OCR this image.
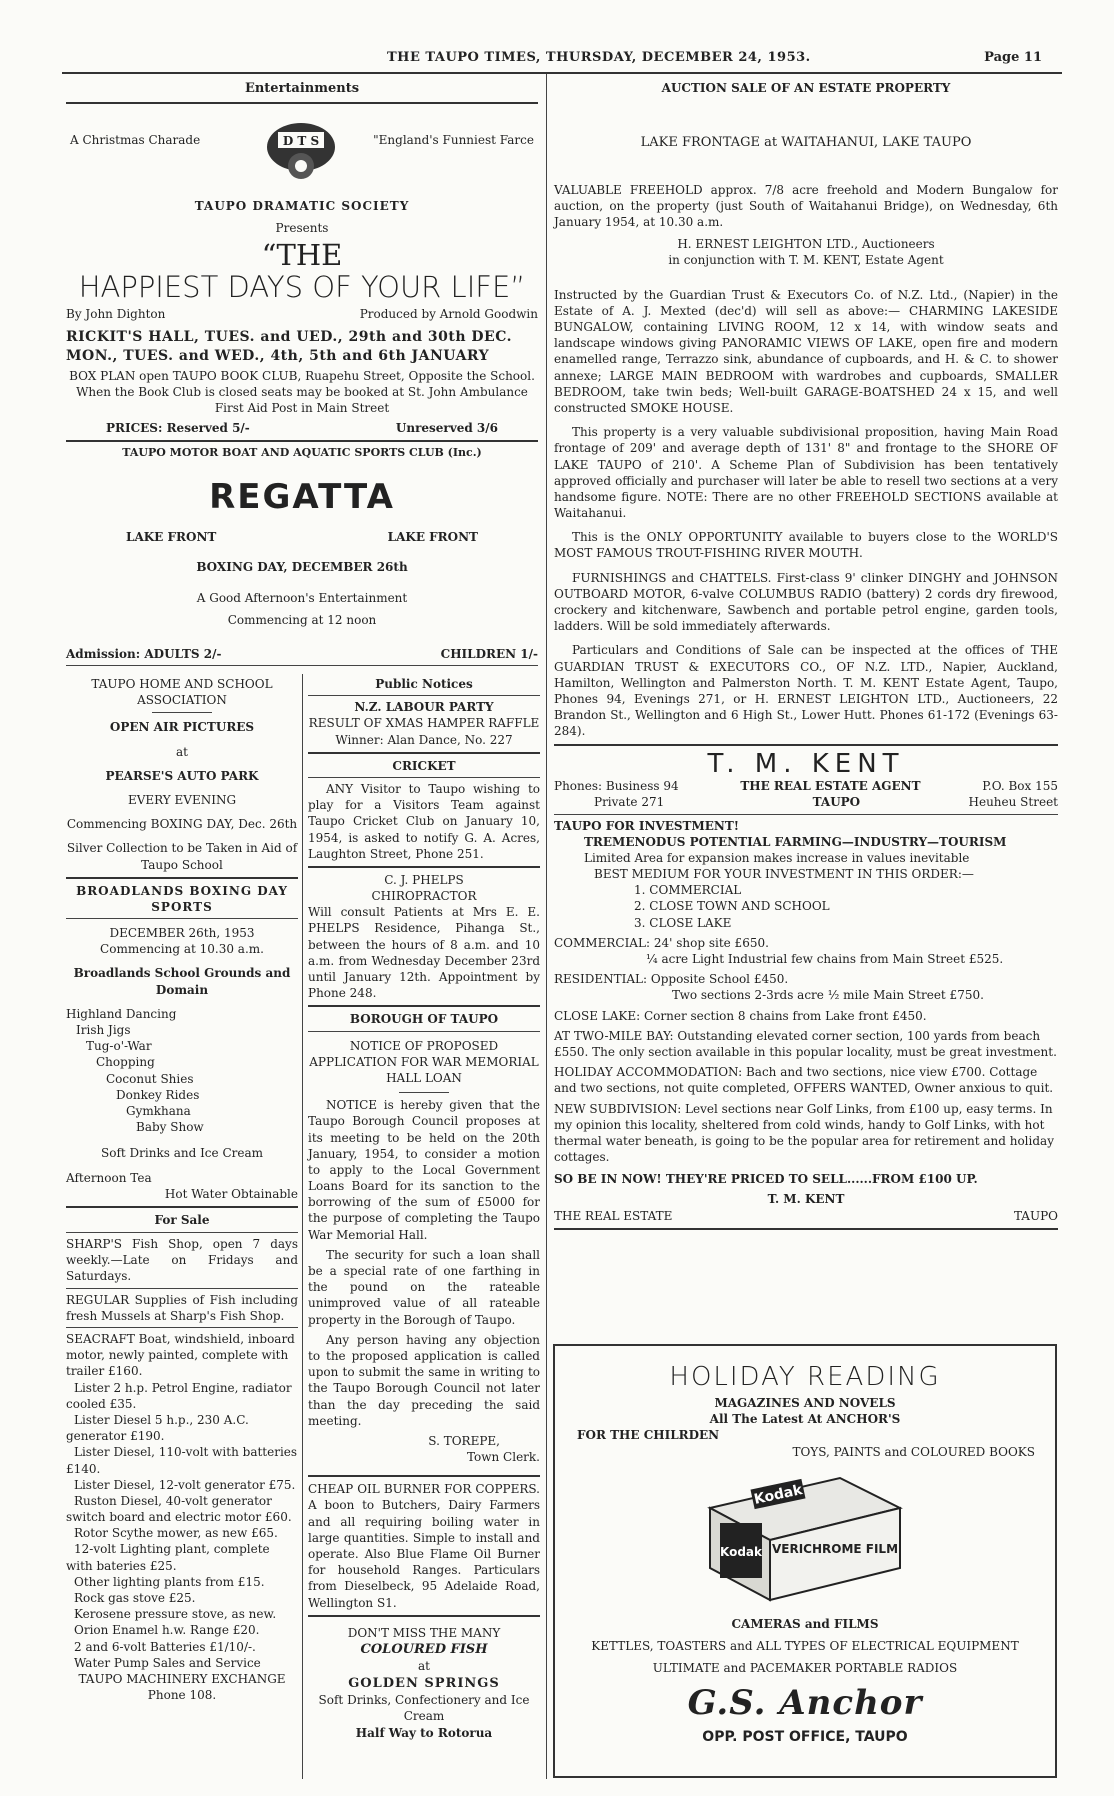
THE TAUPO TIMES, THURSDAY, DECEMBER 24, 1953.	Page 11
Entertainments
A Christmas Charade	"England's Funniest Farce
D T S
TAUPO DRAMATIC SOCIETY
Presents
“THE
HAPPIEST DAYS OF YOUR LIFE”
By John Dighton	Produced by Arnold Goodwin
RICKIT'S HALL, TUES. and UED., 29th and 30th DEC.
MON., TUES. and WED., 4th, 5th and 6th JANUARY
BOX PLAN open TAUPO BOOK CLUB, Ruapehu Street, Opposite the School. When the Book Club is closed seats may be booked at St. John Ambulance First Aid Post in Main Street
PRICES: Reserved 5/-	Unreserved 3/6
TAUPO MOTOR BOAT AND AQUATIC SPORTS CLUB (Inc.)
REGATTA
LAKE FRONT	LAKE FRONT
BOXING DAY, DECEMBER 26th
A Good Afternoon's Entertainment
Commencing at 12 noon
Admission: ADULTS 2/-	CHILDREN 1/-
TAUPO HOME AND SCHOOL ASSOCIATION
OPEN AIR PICTURES
at
PEARSE'S AUTO PARK
EVERY EVENING
Commencing BOXING DAY, Dec. 26th
Silver Collection to be Taken in Aid of Taupo School
BROADLANDS BOXING DAY SPORTS
DECEMBER 26th, 1953
Commencing at 10.30 a.m.
Broadlands School Grounds and Domain
Highland Dancing
Irish Jigs
Tug-o'-War
Chopping
Coconut Shies
Donkey Rides
Gymkhana
Baby Show
Soft Drinks and Ice Cream
Afternoon Tea
Hot Water Obtainable
For Sale
SHARP'S Fish Shop, open 7 days weekly.—Late on Fridays and Saturdays.
REGULAR Supplies of Fish including fresh Mussels at Sharp's Fish Shop.
SEACRAFT Boat, windshield, inboard motor, newly painted, complete with trailer £160.
Lister 2 h.p. Petrol Engine, radiator cooled £35.
Lister Diesel 5 h.p., 230 A.C. generator £190.
Lister Diesel, 110-volt with batteries £140.
Lister Diesel, 12-volt generator £75.
Ruston Diesel, 40-volt generator switch board and electric motor £60.
Rotor Scythe mower, as new £65.
12-volt Lighting plant, complete with bateries £25.
Other lighting plants from £15.
Rock gas stove £25.
Kerosene pressure stove, as new.
Orion Enamel h.w. Range £20.
2 and 6-volt Batteries £1/10/-.
Water Pump Sales and Service
TAUPO MACHINERY EXCHANGE
Phone 108.
Public Notices
N.Z. LABOUR PARTY
RESULT OF XMAS HAMPER RAFFLE
Winner: Alan Dance, No. 227
CRICKET

ANY Visitor to Taupo wishing to play for a Visitors Team against Taupo Cricket Club on January 10, 1954, is asked to notify G. A. Acres, Laughton Street, Phone 251.

C. J. PHELPS
CHIROPRACTOR
Will consult Patients at Mrs E. E. PHELPS Residence, Pihanga St., between the hours of 8 a.m. and 10 a.m. from Wednesday December 23rd until January 12th. Appointment by Phone 248.
BOROUGH OF TAUPO
NOTICE OF PROPOSED APPLICATION FOR WAR MEMORIAL HALL LOAN

NOTICE is hereby given that the Taupo Borough Council proposes at its meeting to be held on the 20th January, 1954, to consider a motion to apply to the Local Government Loans Board for its sanction to the borrowing of the sum of £5000 for the purpose of completing the Taupo War Memorial Hall.

The security for such a loan shall be a special rate of one farthing in the pound on the rateable unimproved value of all rateable property in the Borough of Taupo.

Any person having any objection to the proposed application is called upon to submit the same in writing to the Taupo Borough Council not later than the day preceding the said meeting.

S. TOREPE,
Town Clerk.
CHEAP OIL BURNER FOR COPPERS. A boon to Butchers, Dairy Farmers and all requiring boiling water in large quantities. Simple to install and operate. Also Blue Flame Oil Burner for household Ranges. Particulars from Dieselbeck, 95 Adelaide Road, Wellington S1.
DON'T MISS THE MANY
COLOURED FISH
at
GOLDEN SPRINGS
Soft Drinks, Confectionery and Ice Cream
Half Way to Rotorua
AUCTION SALE OF AN ESTATE PROPERTY
LAKE FRONTAGE at WAITAHANUI, LAKE TAUPO
VALUABLE FREEHOLD approx. 7/8 acre freehold and Modern Bungalow for auction, on the property (just South of Waitahanui Bridge), on Wednesday, 6th January 1954, at 10.30 a.m.
H. ERNEST LEIGHTON LTD., Auctioneers
in conjunction with T. M. KENT, Estate Agent
Instructed by the Guardian Trust & Executors Co. of N.Z. Ltd., (Napier) in the Estate of A. J. Mexted (dec'd) will sell as above:— CHARMING LAKESIDE BUNGALOW, containing LIVING ROOM, 12 x 14, with window seats and landscape windows giving PANORAMIC VIEWS OF LAKE, open fire and modern enamelled range, Terrazzo sink, abundance of cupboards, and H. & C. to shower annexe; LARGE MAIN BEDROOM with wardrobes and cupboards, SMALLER BEDROOM, take twin beds; Well-built GARAGE-BOATSHED 24 x 15, and well constructed SMOKE HOUSE.

This property is a very valuable subdivisional proposition, having Main Road frontage of 209' and average depth of 131' 8" and frontage to the SHORE OF LAKE TAUPO of 210'. A Scheme Plan of Subdivision has been tentatively approved officially and purchaser will later be able to resell two sections at a very handsome figure. NOTE: There are no other FREEHOLD SECTIONS available at Waitahanui.

This is the ONLY OPPORTUNITY available to buyers close to the WORLD'S MOST FAMOUS TROUT-FISHING RIVER MOUTH.

FURNISHINGS and CHATTELS. First-class 9' clinker DINGHY and JOHNSON OUTBOARD MOTOR, 6-valve COLUMBUS RADIO (battery) 2 cords dry firewood, crockery and kitchenware, Sawbench and portable petrol engine, garden tools, ladders. Will be sold immediately afterwards.

Particulars and Conditions of Sale can be inspected at the offices of THE GUARDIAN TRUST & EXECUTORS CO., OF N.Z. LTD., Napier, Auckland, Hamilton, Wellington and Palmerston North. T. M. KENT Estate Agent, Taupo, Phones 94, Evenings 271, or H. ERNEST LEIGHTON LTD., Auctioneers, 22 Brandon St., Wellington and 6 High St., Lower Hutt. Phones 61-172 (Evenings 63-284).

T. M. KENT
Phones: Business 94	THE REAL ESTATE AGENT	P.O. Box 155
Private 271	TAUPO	Heuheu Street
TAUPO FOR INVESTMENT!
TREMENODUS POTENTIAL FARMING—INDUSTRY—TOURISM
Limited Area for expansion makes increase in values inevitable
BEST MEDIUM FOR YOUR INVESTMENT IN THIS ORDER:—
1. COMMERCIAL
2. CLOSE TOWN AND SCHOOL
3. CLOSE LAKE
COMMERCIAL: 24' shop site £650.
¼ acre Light Industrial few chains from Main Street £525.
RESIDENTIAL: Opposite School £450.
Two sections 2-3rds acre ½ mile Main Street £750.
CLOSE LAKE: Corner section 8 chains from Lake front £450.
AT TWO-MILE BAY: Outstanding elevated corner section, 100 yards from beach £550. The only section available in this popular locality, must be great investment.
HOLIDAY ACCOMMODATION: Bach and two sections, nice view £700. Cottage and two sections, not quite completed, OFFERS WANTED, Owner anxious to quit.
NEW SUBDIVISION: Level sections near Golf Links, from £100 up, easy terms. In my opinion this locality, sheltered from cold winds, handy to Golf Links, with hot thermal water beneath, is going to be the popular area for retirement and holiday cottages.
SO BE IN NOW! THEY'RE PRICED TO SELL......FROM £100 UP.
T. M. KENT
THE REAL ESTATE	TAUPO
HOLIDAY READING
MAGAZINES AND NOVELS
All The Latest At ANCHOR'S
FOR THE CHILRDEN
TOYS, PAINTS and COLOURED BOOKS
Kodak
Kodak VERICHROME FILM
CAMERAS and FILMS
KETTLES, TOASTERS and ALL TYPES OF ELECTRICAL EQUIPMENT
ULTIMATE and PACEMAKER PORTABLE RADIOS
G.S. Anchor
OPP. POST OFFICE, TAUPO
